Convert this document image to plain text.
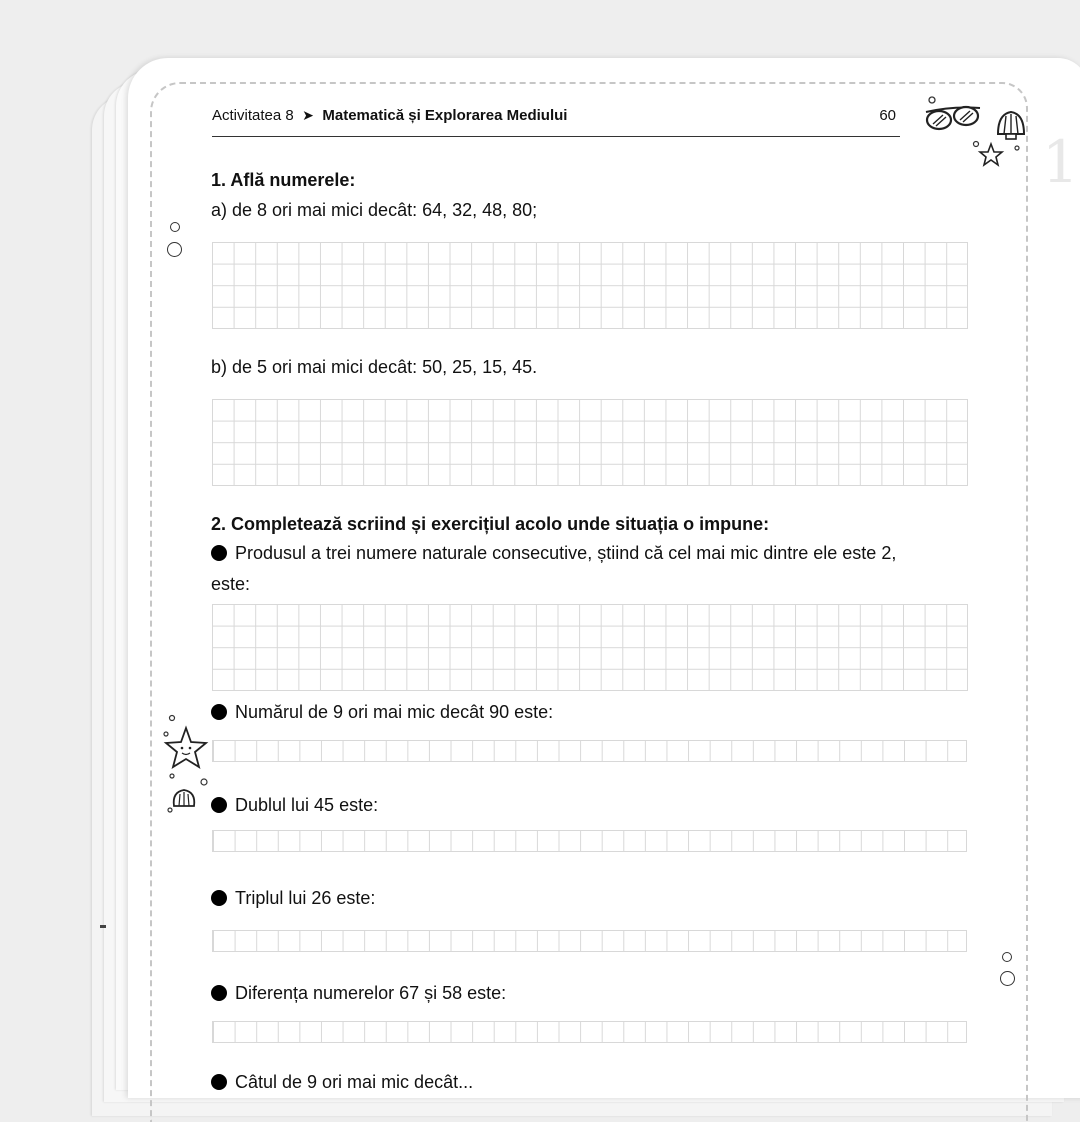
1
Activitatea 8 ➤ Matematică și Explorarea Mediului	60
1. Află numerele:
a) de 8 ori mai mici decât: 64, 32, 48, 80;
b) de 5 ori mai mici decât: 50, 25, 15, 45.
2. Completează scriind și exercițiul acolo unde situația o impune:
Produsul a trei numere naturale consecutive, știind că cel mai mic dintre ele este 2,
este:
Numărul de 9 ori mai mic decât 90 este:
Dublul lui 45 este:
Triplul lui 26 este:
Diferența numerelor 67 și 58 este:
Câtul de 9 ori mai mic decât...
